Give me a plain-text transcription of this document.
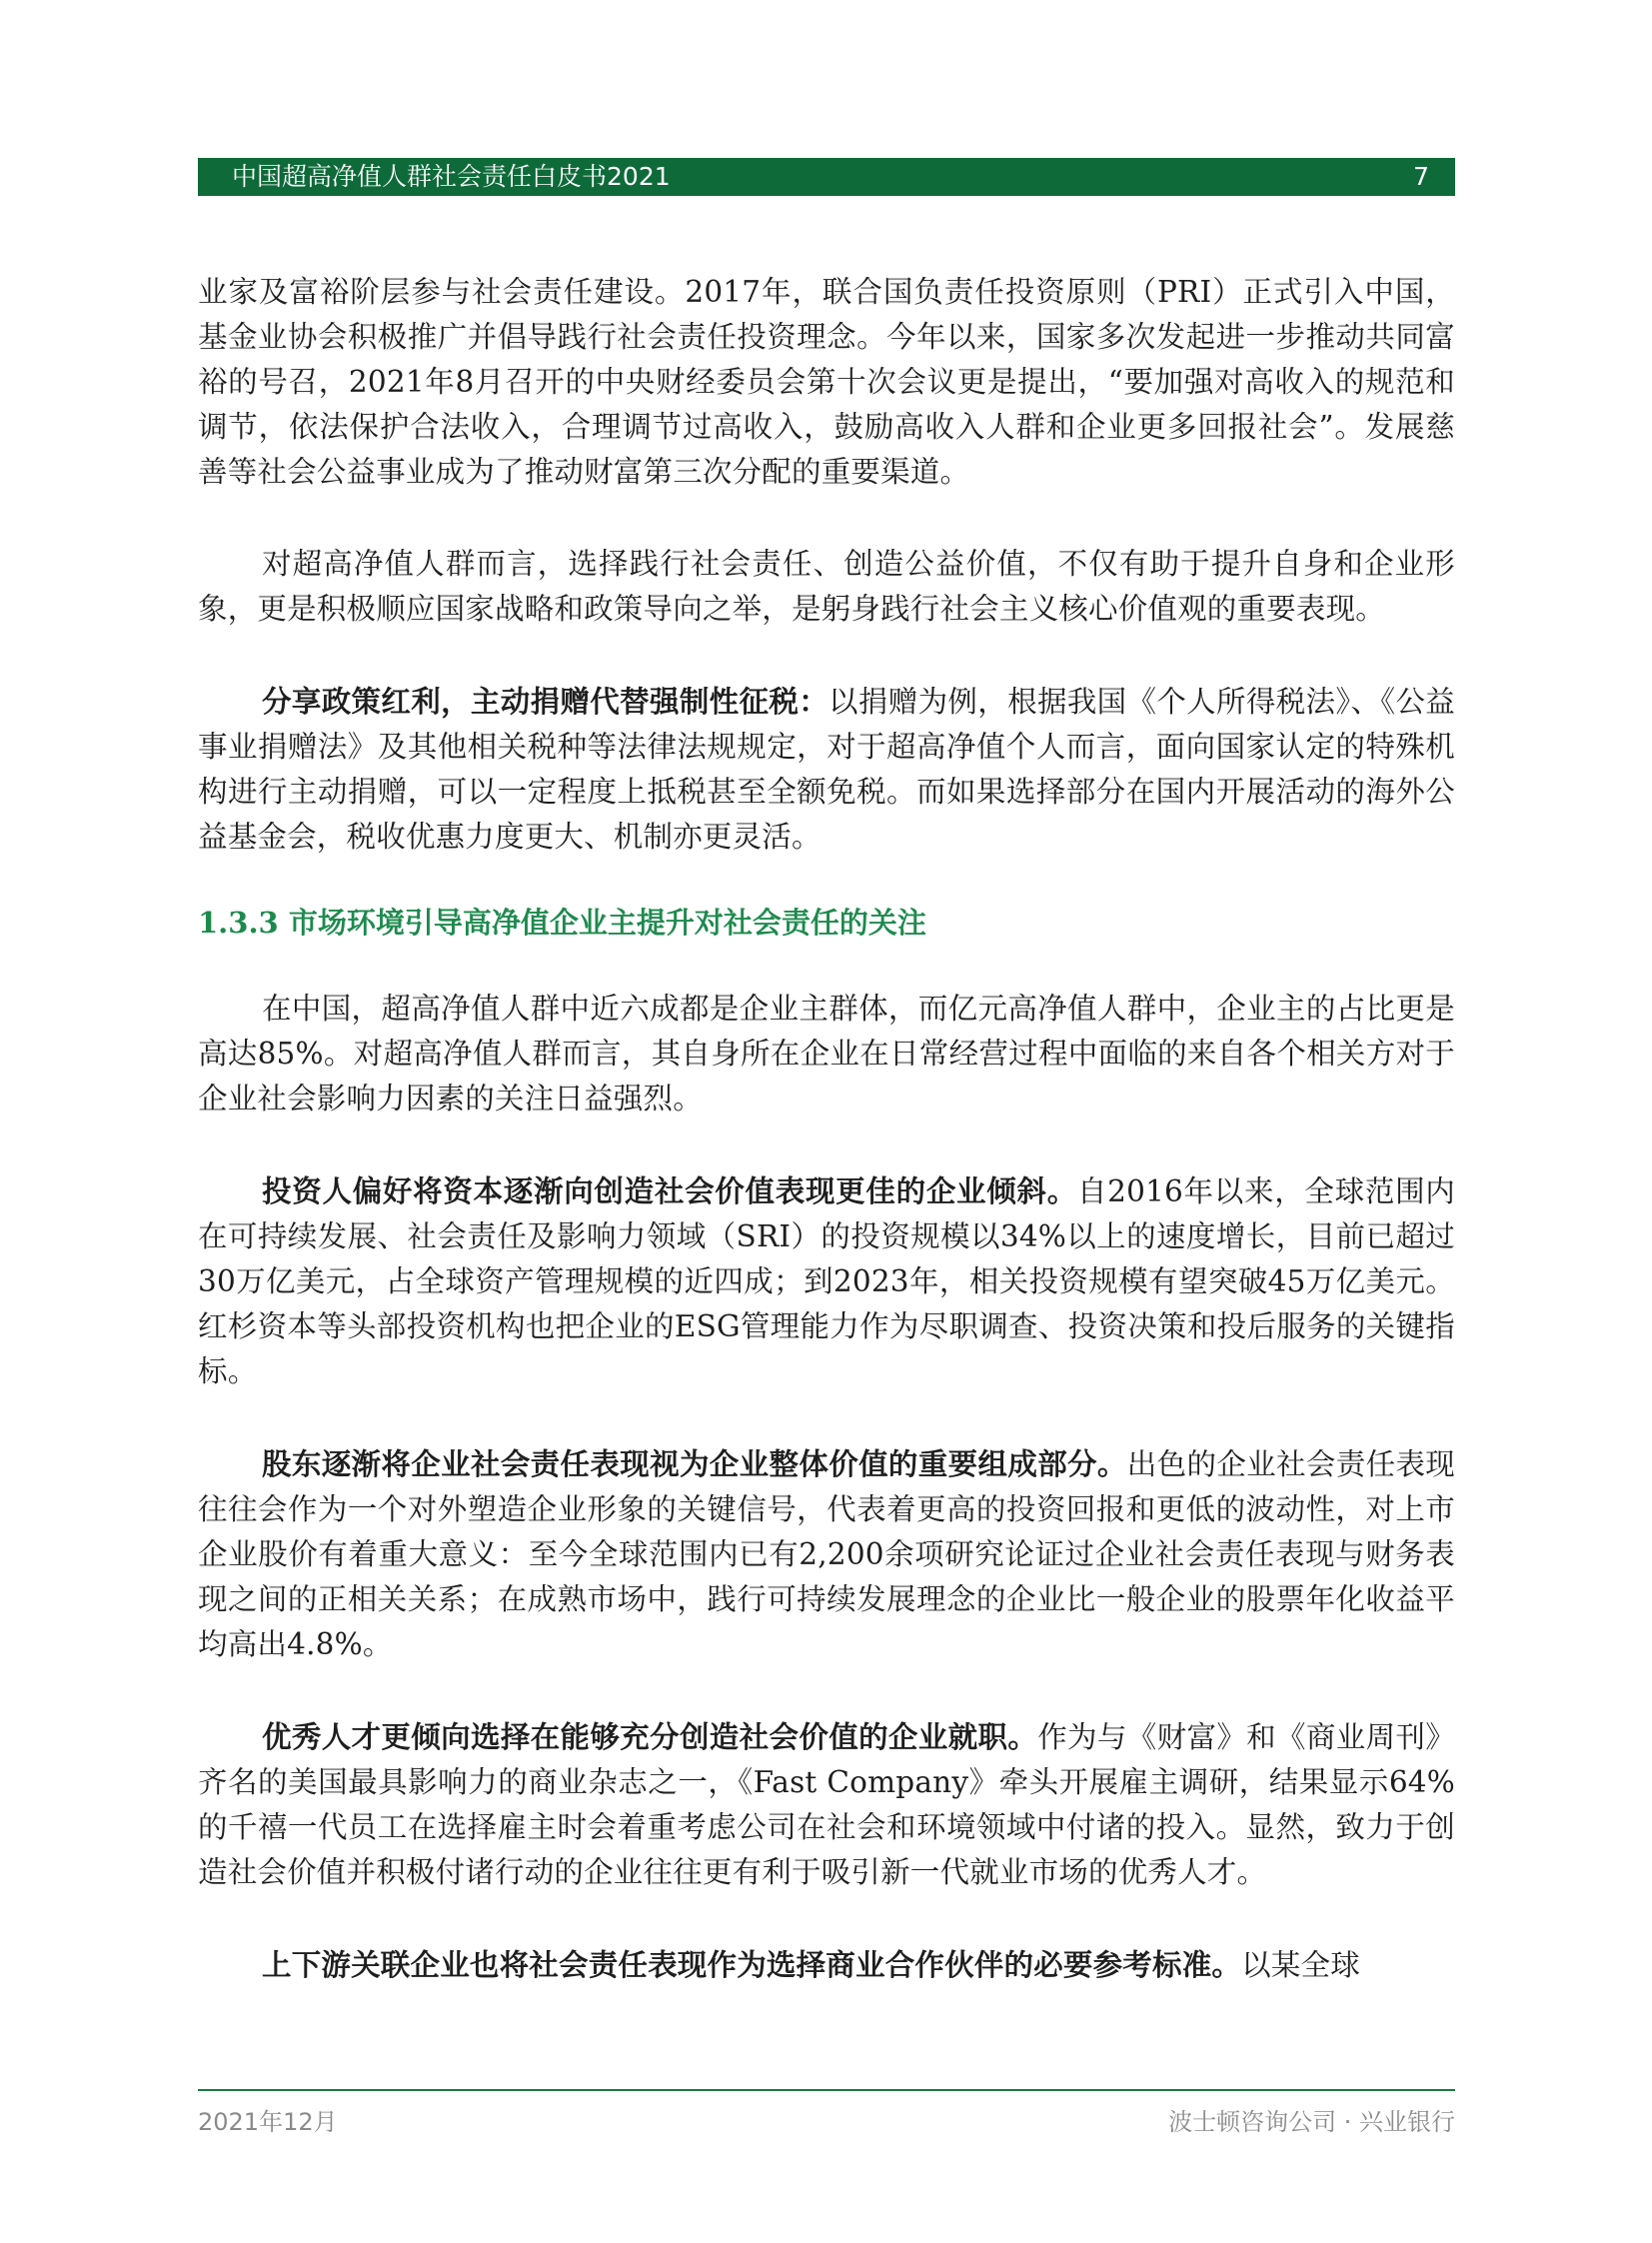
中国超高净值人群社会责任白皮书2021	7

业家及富裕阶层参与社会责任建设。2017年，联合国负责任投资原则（PRI）正式引入中国，基金业协会积极推广并倡导践行社会责任投资理念。今年以来，国家多次发起进一步推动共同富裕的号召，2021年8月召开的中央财经委员会第十次会议更是提出，“要加强对高收入的规范和调节，依法保护合法收入，合理调节过高收入，鼓励高收入人群和企业更多回报社会”。发展慈善等社会公益事业成为了推动财富第三次分配的重要渠道。

对超高净值人群而言，选择践行社会责任、创造公益价值，不仅有助于提升自身和企业形象，更是积极顺应国家战略和政策导向之举，是躬身践行社会主义核心价值观的重要表现。

分享政策红利，主动捐赠代替强制性征税：以捐赠为例，根据我国《个人所得税法》、《公益事业捐赠法》及其他相关税种等法律法规规定，对于超高净值个人而言，面向国家认定的特殊机构进行主动捐赠，可以一定程度上抵税甚至全额免税。而如果选择部分在国内开展活动的海外公益基金会，税收优惠力度更大、机制亦更灵活。

1.3.3 市场环境引导高净值企业主提升对社会责任的关注

在中国，超高净值人群中近六成都是企业主群体，而亿元高净值人群中，企业主的占比更是高达85%。对超高净值人群而言，其自身所在企业在日常经营过程中面临的来自各个相关方对于企业社会影响力因素的关注日益强烈。

投资人偏好将资本逐渐向创造社会价值表现更佳的企业倾斜。自2016年以来，全球范围内在可持续发展、社会责任及影响力领域（SRI）的投资规模以34%以上的速度增长，目前已超过30万亿美元，占全球资产管理规模的近四成；到2023年，相关投资规模有望突破45万亿美元。红杉资本等头部投资机构也把企业的ESG管理能力作为尽职调查、投资决策和投后服务的关键指标。

股东逐渐将企业社会责任表现视为企业整体价值的重要组成部分。出色的企业社会责任表现往往会作为一个对外塑造企业形象的关键信号，代表着更高的投资回报和更低的波动性，对上市企业股价有着重大意义：至今全球范围内已有2,200余项研究论证过企业社会责任表现与财务表现之间的正相关关系；在成熟市场中，践行可持续发展理念的企业比一般企业的股票年化收益平均高出4.8%。

优秀人才更倾向选择在能够充分创造社会价值的企业就职。作为与《财富》和《商业周刊》齐名的美国最具影响力的商业杂志之一，《Fast Company》牵头开展雇主调研，结果显示64%的千禧一代员工在选择雇主时会着重考虑公司在社会和环境领域中付诸的投入。显然，致力于创造社会价值并积极付诸行动的企业往往更有利于吸引新一代就业市场的优秀人才。

上下游关联企业也将社会责任表现作为选择商业合作伙伴的必要参考标准。以某全球

2021年12月	波士顿咨询公司 · 兴业银行
